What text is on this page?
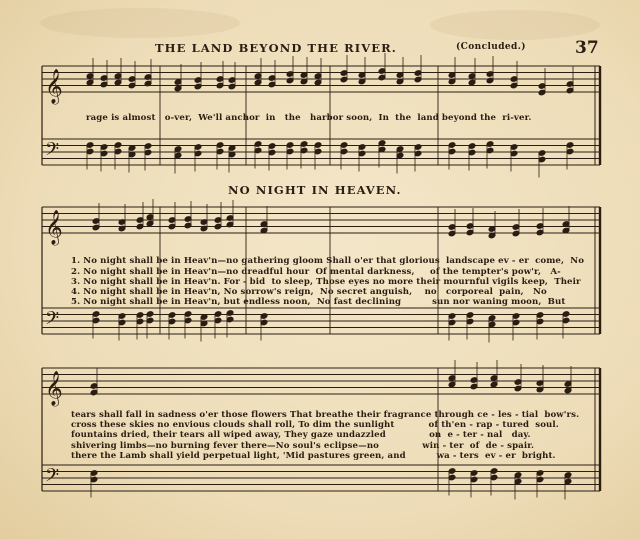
THE LAND BEYOND THE RIVER.	(Concluded.)	37
𝄞
𝄢
𝄞
𝄢
𝄞
𝄢
rage is almost   o-ver,  We'll anchor  in   the   harbor soon,  In  the  land beyond the  ri-ver.
NO NIGHT IN HEAVEN.
1. No night shall be in Heav'n—no gathering gloom Shall o'er that glorious  landscape ev - er  come,  No
2. No night shall be in Heav'n—no dreadful hour  Of mental darkness,     of the tempter's pow'r,   A-
3. No night shall be in Heav'n. For - bid  to sleep, Those eyes no more their mournful vigils keep,  Their
4. No night shall be in Heav'n, No sorrow's reign,  No secret anguish,    no   corporeal  pain,   No
5. No night shall be in Heav'n, but endless noon,  No fast declining          sun nor waning moon,  But
tears shall fall in sadness o'er those flowers That breathe their fragrance through ce - les - tial  bow'rs.
cross these skies no envious clouds shall roll, To dim the sunlight           of th'en - rap - tured  soul.
fountains dried, their tears all wiped away, They gaze undazzled              on  e - ter - nal   day.
shivering limbs—no burning fever there—No soul's eclipse—no              win - ter  of  de - spair.
there the Lamb shall yield perpetual light, 'Mid pastures green, and          wa - ters  ev - er  bright.
